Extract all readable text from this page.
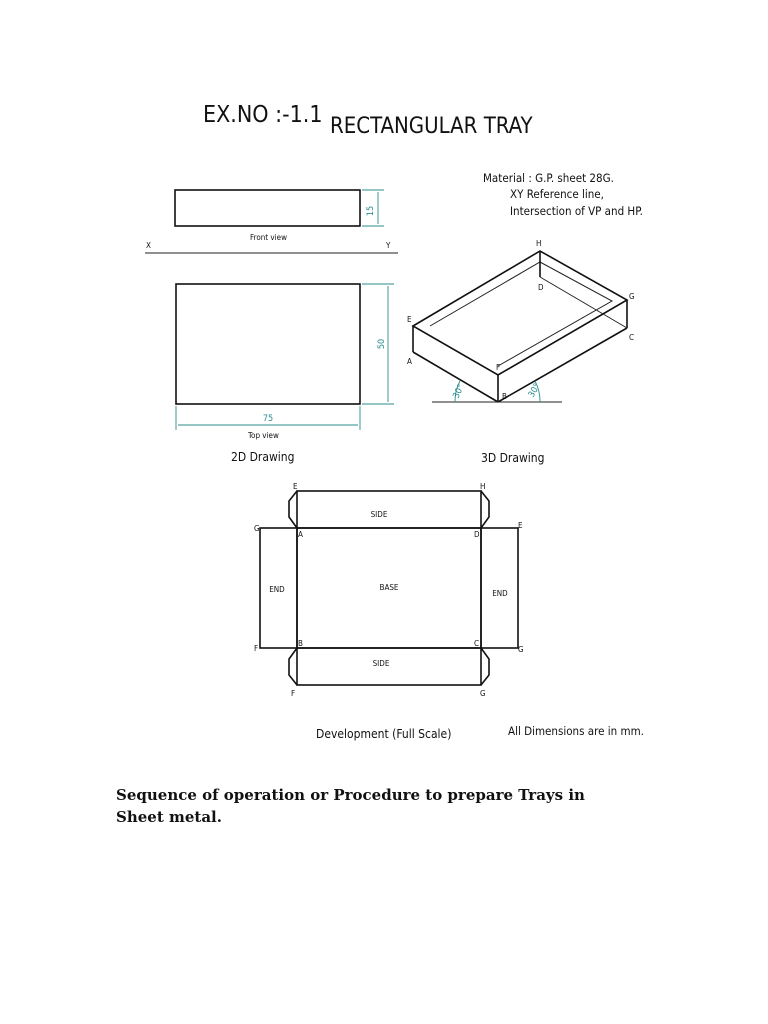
EX.NO :-1.1 RECTANGULAR TRAY
Material : G.P. sheet 28G.
XY Reference line,
Intersection of VP and HP.
15
Front view
X	Y
50
75
Top view
2D Drawing
30°	30°
A
B
C
D
E
F
G
H
3D Drawing
BASE
SIDE
SIDE
END	END
E	H
G	E
A	D
B	C
F	G
F	G
Development (Full Scale)	All Dimensions are in mm.

Sequence of operation or Procedure to prepare Trays in Sheet metal.
